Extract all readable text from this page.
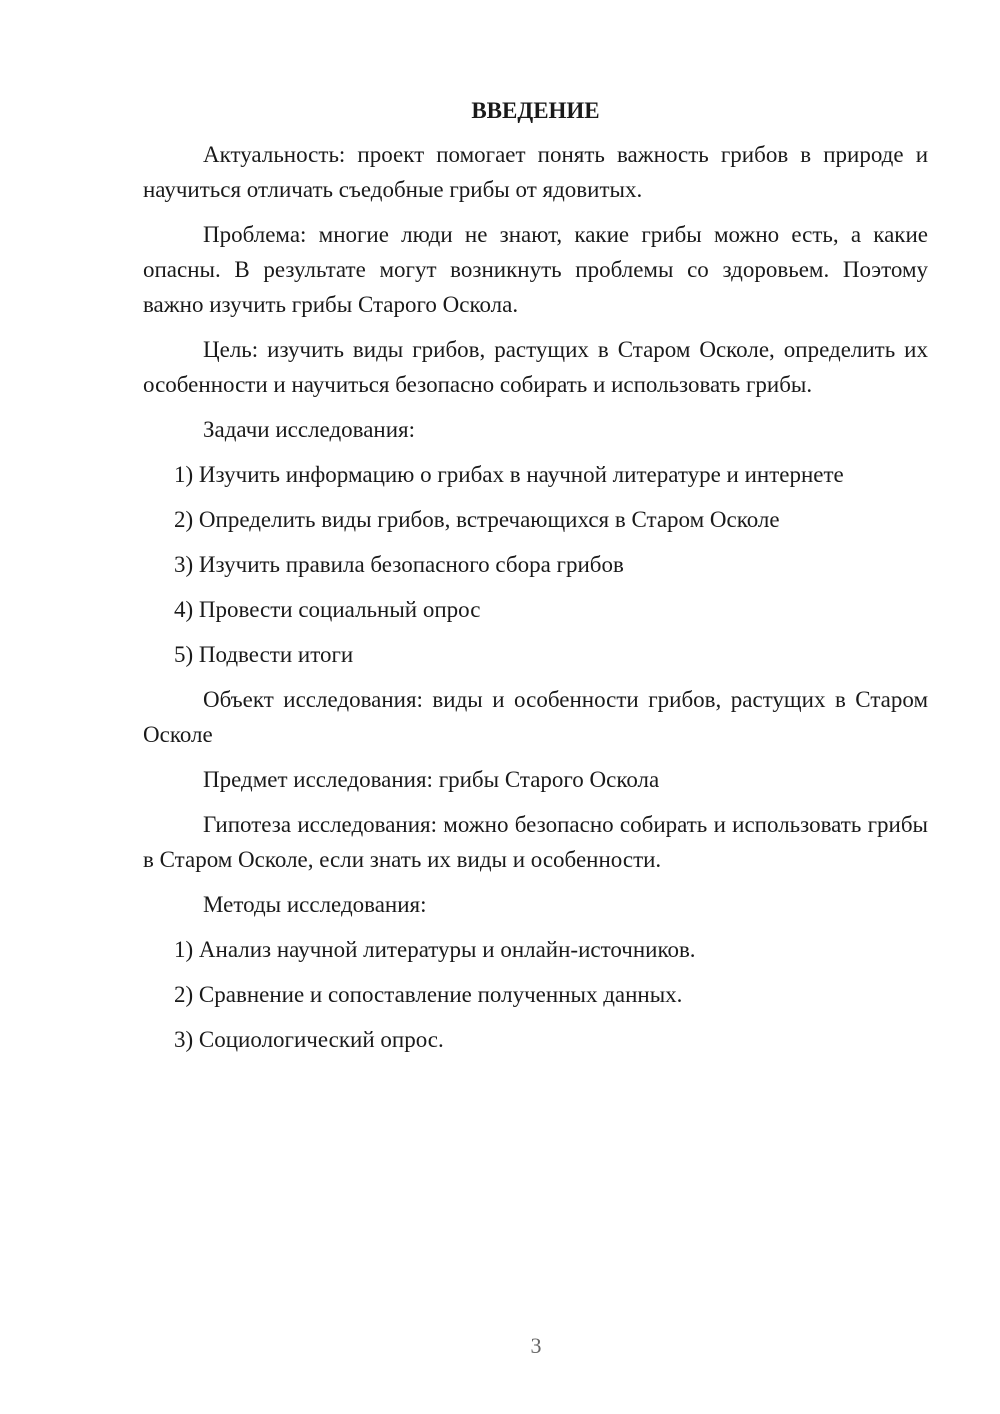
ВВЕДЕНИЕ

Актуальность: проект помогает понять важность грибов в природе и научиться отличать съедобные грибы от ядовитых.

Проблема: многие люди не знают, какие грибы можно есть, а какие опасны. В результате могут возникнуть проблемы со здоровьем. Поэтому важно изучить грибы Старого Оскола.

Цель: изучить виды грибов, растущих в Старом Осколе, определить их особенности и научиться безопасно собирать и использовать грибы.

Задачи исследования:

1) Изучить информацию о грибах в научной литературе и интернете

2) Определить виды грибов, встречающихся в Старом Осколе

3) Изучить правила безопасного сбора грибов

4) Провести социальный опрос

5) Подвести итоги

Объект исследования: виды и особенности грибов, растущих в Старом Осколе

Предмет исследования: грибы Старого Оскола

Гипотеза исследования: можно безопасно собирать и использовать грибы в Старом Осколе, если знать их виды и особенности.

Методы исследования:

1) Анализ научной литературы и онлайн-источников.

2) Сравнение и сопоставление полученных данных.

3) Социологический опрос.

3
